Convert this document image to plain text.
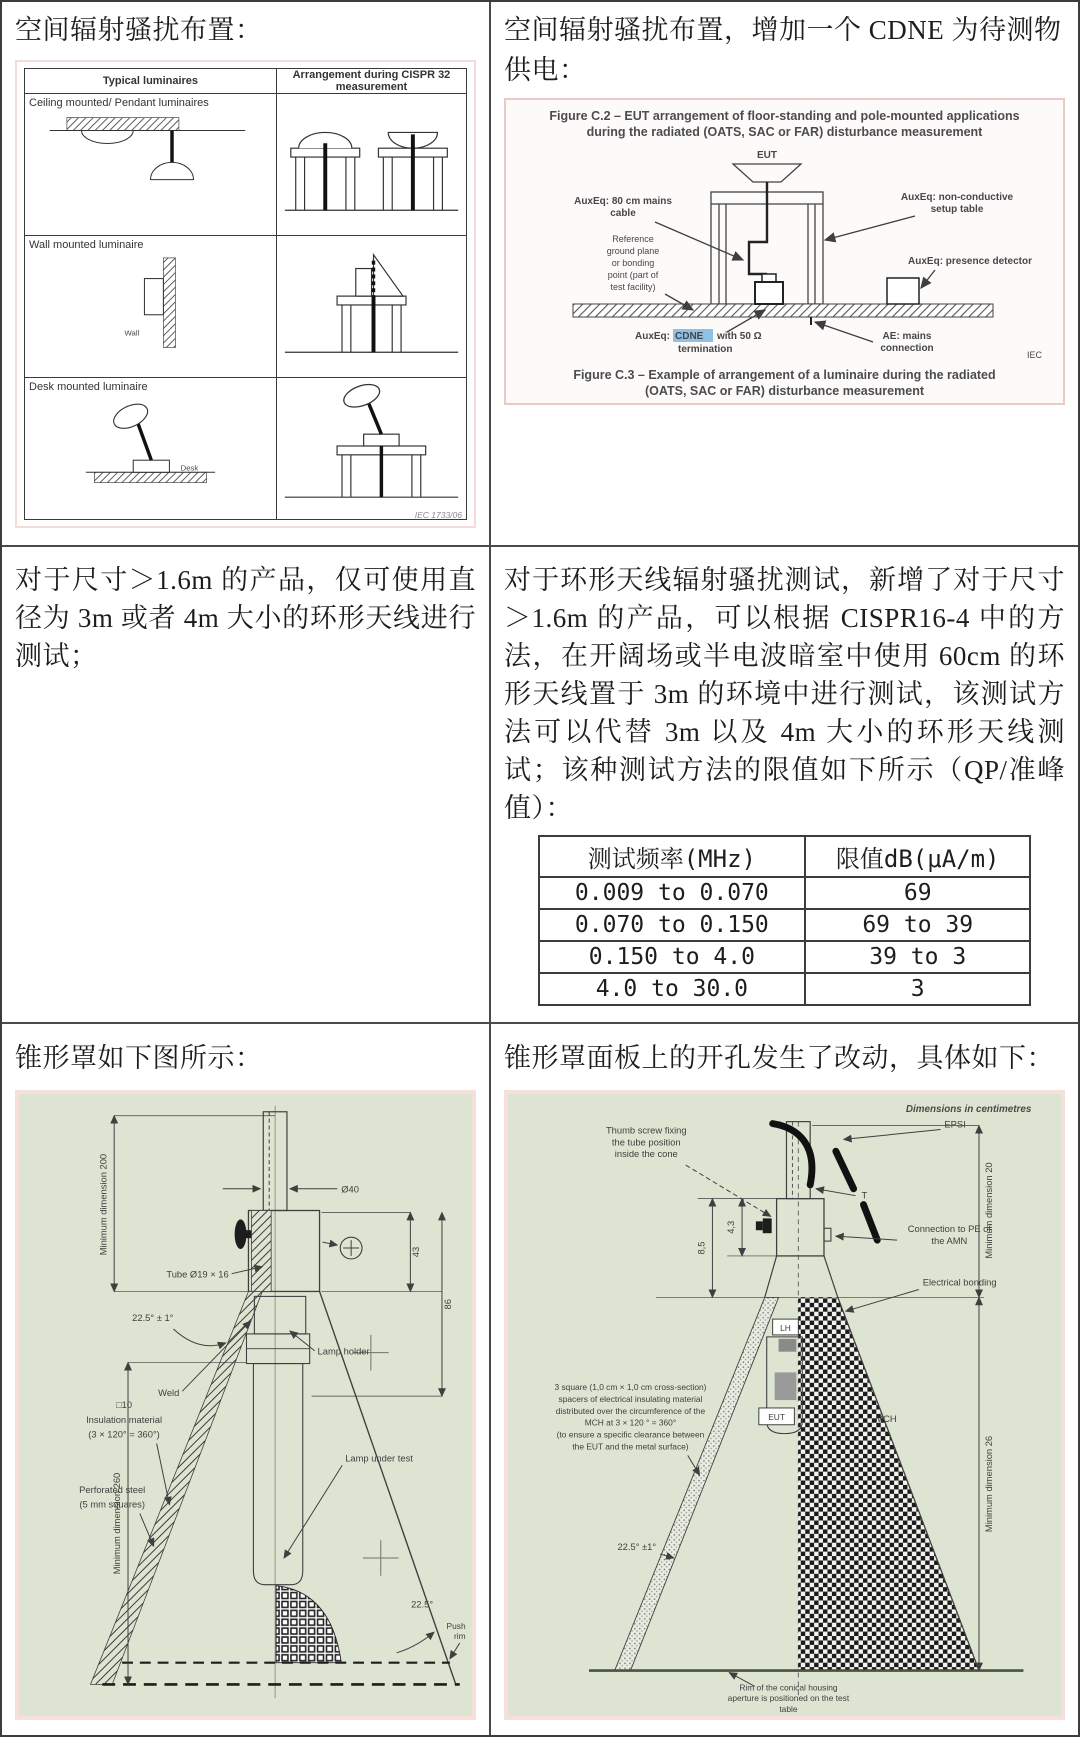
空间辐射骚扰布置：
Typical luminaires	Arrangement during CISPR 32 measurement

Ceiling mounted/ Pendant luminaires

Wall mounted luminaire
Wall

Desk mounted luminaire
Desk

IEC 1733/06
空间辐射骚扰布置，增加一个 CDNE 为待测物供电：
Figure C.2 – EUT arrangement of floor-standing and pole-mounted applications
during the radiated (OATS, SAC or FAR) disturbance measurement
EUT
AuxEq: 80 cm mains
cable
AuxEq: non-conductive
setup table
Reference
ground plane
or bonding
point (part of
test facility)
AuxEq: presence detector
AuxEq: CDNE with 50 Ω
termination
AE: mains
connection
IEC
Figure C.3 – Example of arrangement of a luminaire during the radiated
(OATS, SAC or FAR) disturbance measurement
对于尺寸＞1.6m 的产品，仅可使用直径为 3m 或者 4m 大小的环形天线进行测试；
对于环形天线辐射骚扰测试，新增了对于尺寸＞1.6m 的产品，可以根据 CISPR16-4 中的方法，在开阔场或半电波暗室中使用 60cm 的环形天线置于 3m 的环境中进行测试，该测试方法可以代替 3m 以及 4m 大小的环形天线测试；该种测试方法的限值如下所示（QP/准峰值）：
测试频率(MHz)	限值dB(μA/m)
0.009 to 0.070	69
0.070 to 0.150	69 to 39
0.150 to 4.0	39 to 3
4.0 to 30.0	3
锥形罩如下图所示：
Minimum dimension 200
Minimum dimension 260
Ø40
43
86
Tube Ø19 × 16
22.5° ± 1°
Lamp holder
Weld
□10
Insulation material
(3 × 120° = 360°)
Lamp under test
Perforated steel
(5 mm squares)
22.5°
Push
rim
锥形罩面板上的开孔发生了改动，具体如下：
Dimensions in centimetres
Thumb screw fixing
the tube position
inside the cone
EPSI
T
Connection to PE of
the AMN Minimum dimension 20
Minimum dimension 26
4,3
8,5
Electrical bonding
LH
EUT	MCH
3 square (1,0 cm × 1,0 cm cross-section)
spacers of electrical insulating material
distributed over the circumference of the
MCH at 3 × 120 ° = 360°
(to ensure a specific clearance between
the EUT and the metal surface)
22.5° ±1°
Rim of the conical housing
aperture is positioned on the test
table
